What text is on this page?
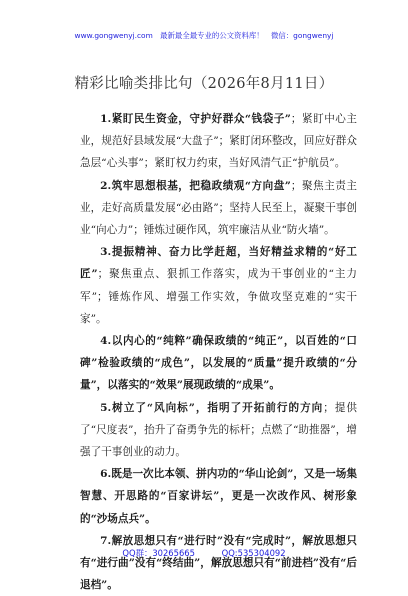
www.gongwenyj.com 最新最全最专业的公文资料库！ 微信：gongwenyj
精彩比喻类排比句（2026年8月11日）

1.紧盯民生资金，守护好群众“钱袋子”；紧盯中心主业，规范好县域发展“大盘子”；紧盯闭环整改，回应好群众急层“心头事”；紧盯权力约束，当好风清气正“护航员”。

2.筑牢思想根基，把稳政绩观“方向盘”；聚焦主责主业，走好高质量发展“必由路”；坚持人民至上，凝聚干事创业“向心力”；锤炼过硬作风，筑牢廉洁从业“防火墙”。

3.提振精神、奋力比学赶超，当好精益求精的“好工匠”；聚焦重点、狠抓工作落实，成为干事创业的“主力军”；锤炼作风、增强工作实效，争做攻坚克难的“实干家”。

4.以内心的“纯粹”确保政绩的“纯正”，以百姓的“口碑”检验政绩的“成色”，以发展的“质量”提升政绩的“分量”，以落实的“效果”展现政绩的“成果”。

5.树立了“风向标”，指明了开拓前行的方向；提供了“尺度表”，抬升了奋勇争先的标杆；点燃了“助推器”，增强了干事创业的动力。

6.既是一次比本领、拼内功的“华山论剑”，又是一场集智慧、开思路的“百家讲坛”，更是一次改作风、树形象的“沙场点兵”。

7.解放思想只有“进行时”没有“完成时”，解放思想只有“进行曲”没有“终结曲”，解放思想只有“前进档”没有“后退档”。

QQ群：30265665	QQ:535304092
